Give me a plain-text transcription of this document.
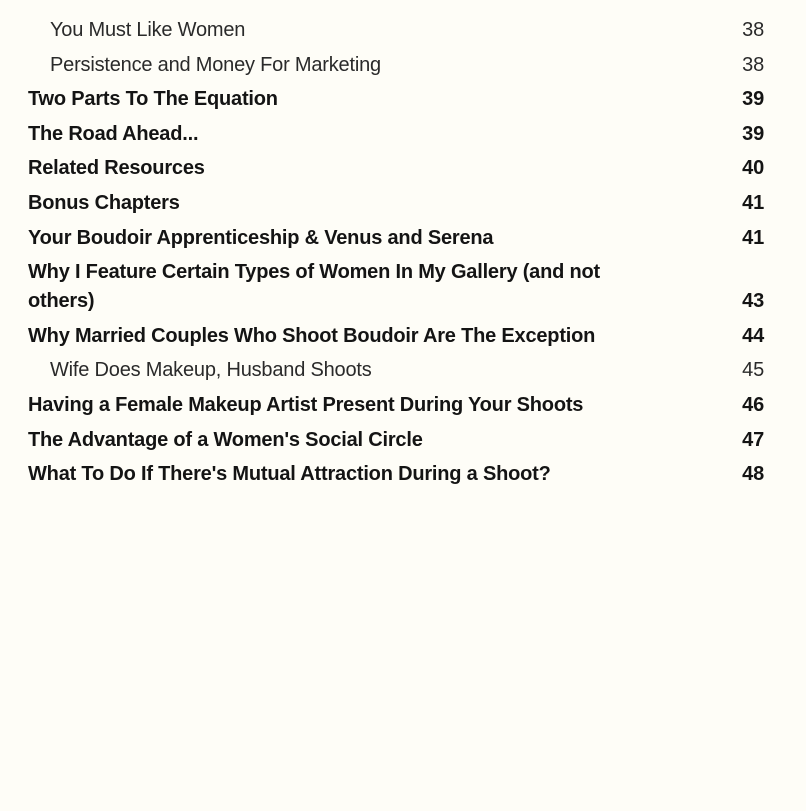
You Must Like Women	38
Persistence and Money For Marketing	38
Two Parts To The Equation	39
The Road Ahead...	39
Related Resources	40
Bonus Chapters	41
Your Boudoir Apprenticeship & Venus and Serena	41
Why I Feature Certain Types of Women In My Gallery (and not others)	43
Why Married Couples Who Shoot Boudoir Are The Exception	44
Wife Does Makeup, Husband Shoots	45
Having a Female Makeup Artist Present During Your Shoots	46
The Advantage of a Women's Social Circle	47
What To Do If There's Mutual Attraction During a Shoot?	48
